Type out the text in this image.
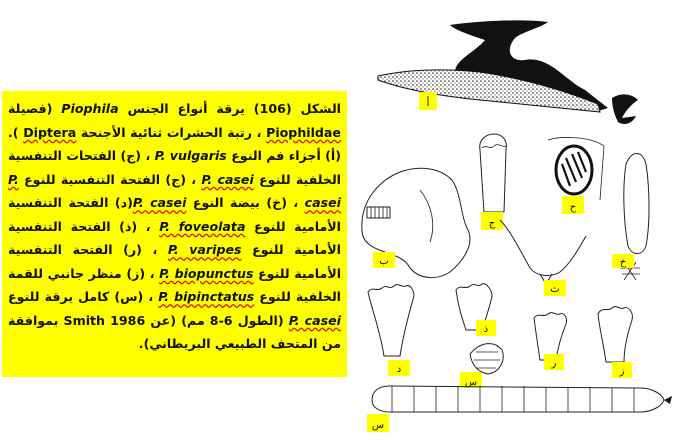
الشكل (106) يرقة أنواع الجنس Piophila (فصيلة Piophildae ، رتبة الحشرات ثنائية الأجنحة Diptera ). (أ) أجزاء فم النوع P. vulgaris ، (ج) الفتحات التنفسية الخلفية للنوع P. casei ، (ج) الفتحة التنفسية للنوع P. casei ، (خ) بيضة النوع P. casei(د) الفتحة التنفسية الأمامية للنوع P. foveolata ، (ذ) الفتحة التنفسية الأمامية للنوع P. varipes ، (ر) الفتحة التنفسية الأمامية للنوع P. biopunctus ، (ز) منظر جانبي للقمة الخلفية للنوع P. bipinctatus ، (س) كامل يرقة للنوع P. casei (الطول 6-8 مم) (عن Smith 1986 بموافقة من المتحف الطبيعي البريطاني).

أ
ب
ج
ح
ث
خ
د
ذ
ر
ز
س
س
